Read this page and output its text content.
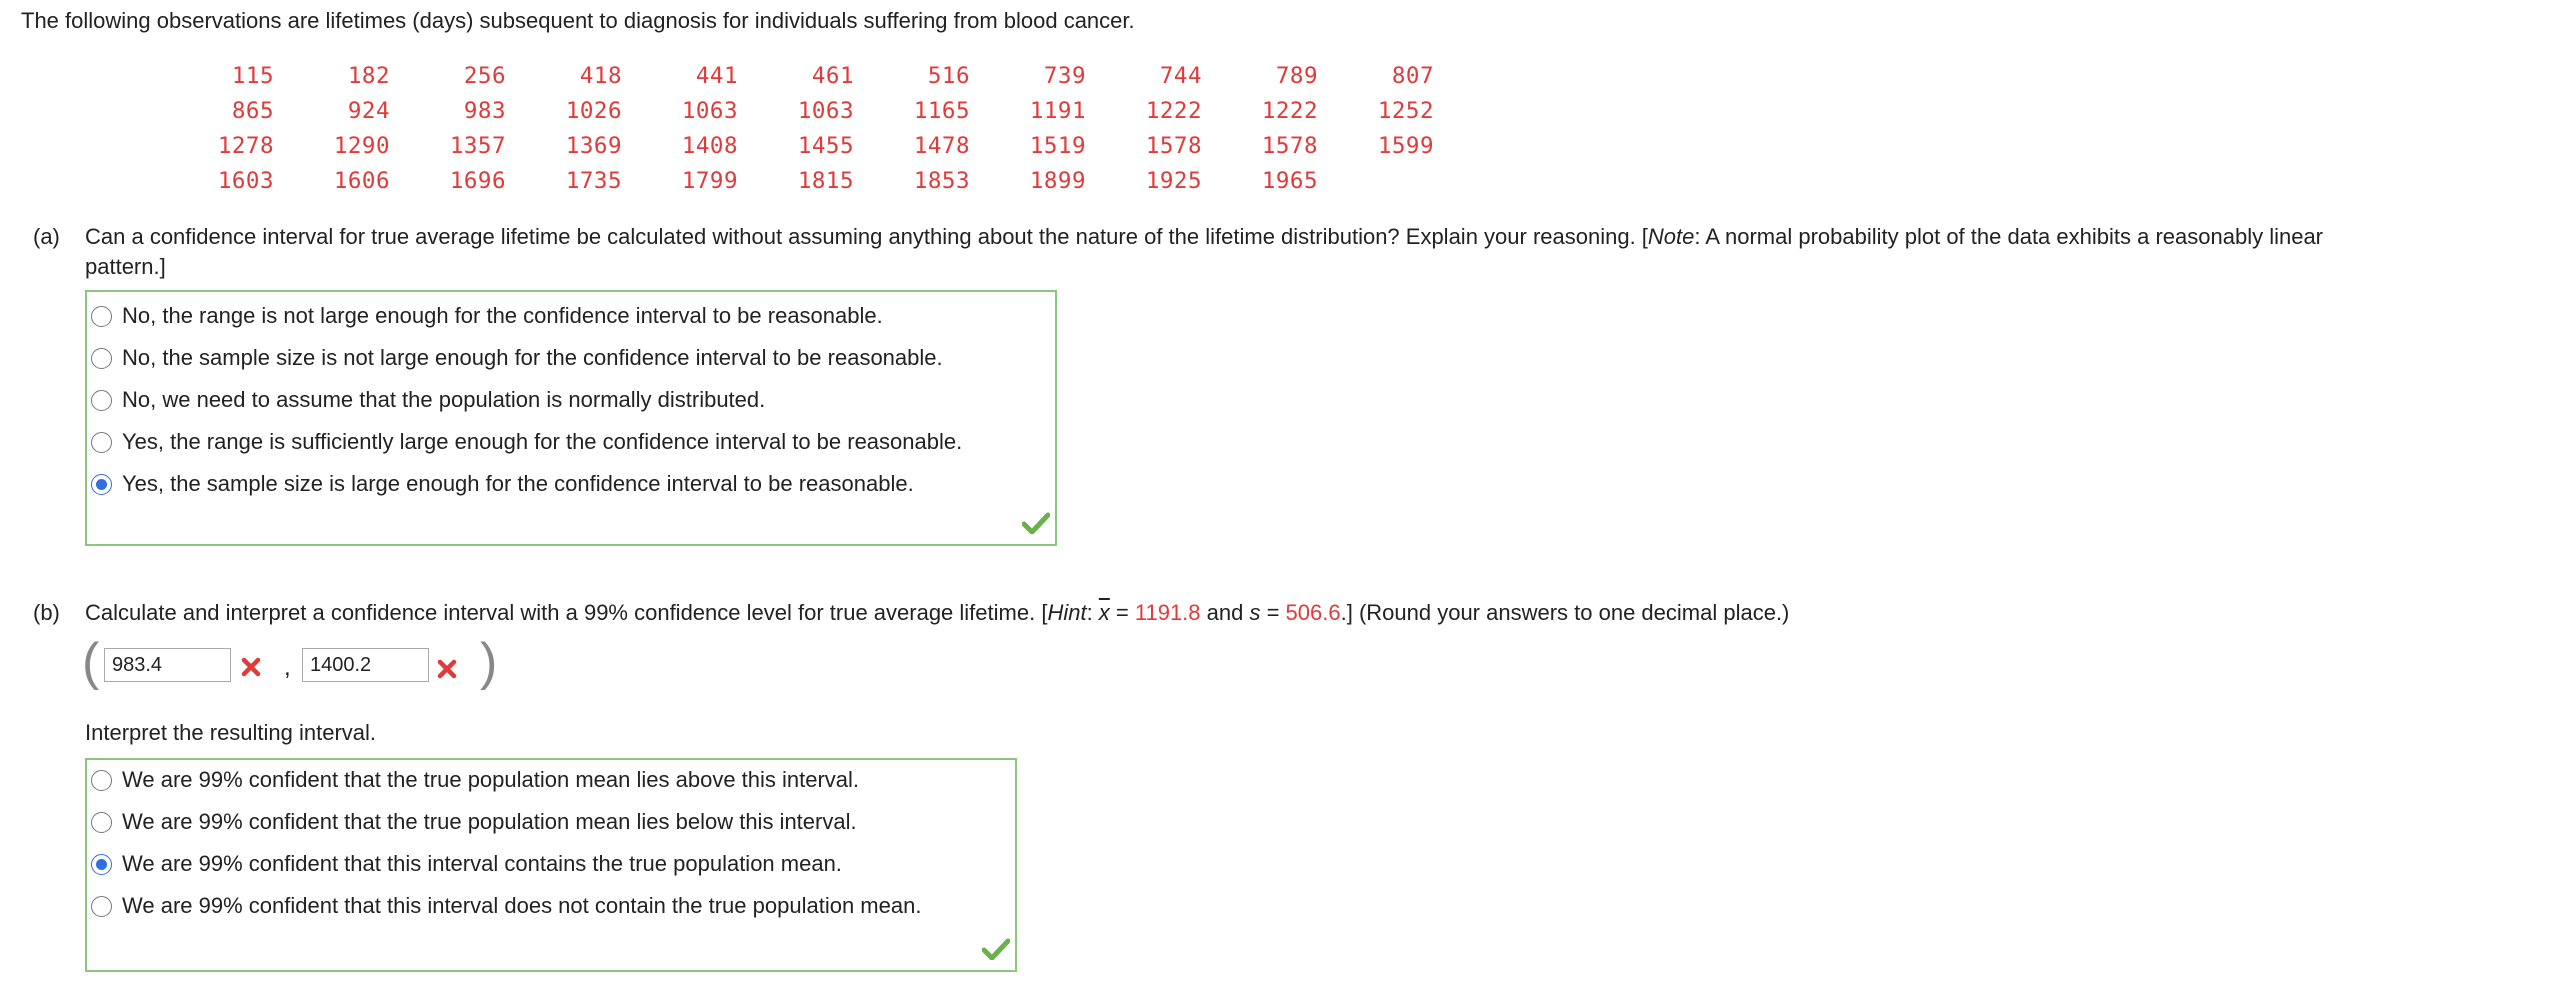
The following observations are lifetimes (days) subsequent to diagnosis for individuals suffering from blood cancer.
115	182	256	418	441	461	516	739	744	789	807
865	924	983	1026	1063	1063	1165	1191	1222	1222	1252
1278	1290	1357	1369	1408	1455	1478	1519	1578	1578	1599
1603	1606	1696	1735	1799	1815	1853	1899	1925	1965	
(a) Can a confidence interval for true average lifetime be calculated without assuming anything about the nature of the lifetime distribution? Explain your reasoning. [Note: A normal probability plot of the data exhibits a reasonably linear
pattern.]
No, the range is not large enough for the confidence interval to be reasonable.
No, the sample size is not large enough for the confidence interval to be reasonable.
No, we need to assume that the population is normally distributed.
Yes, the range is sufficiently large enough for the confidence interval to be reasonable.
Yes, the sample size is large enough for the confidence interval to be reasonable.
(b) Calculate and interpret a confidence interval with a 99% confidence level for true average lifetime. [Hint: $\overline{x} = 1191.8$ and s = 506.6.] (Round your answers to one decimal place.)
(
983.4	,
1400.2	)
Interpret the resulting interval.
We are 99% confident that the true population mean lies above this interval.
We are 99% confident that the true population mean lies below this interval.
We are 99% confident that this interval contains the true population mean.
We are 99% confident that this interval does not contain the true population mean.
